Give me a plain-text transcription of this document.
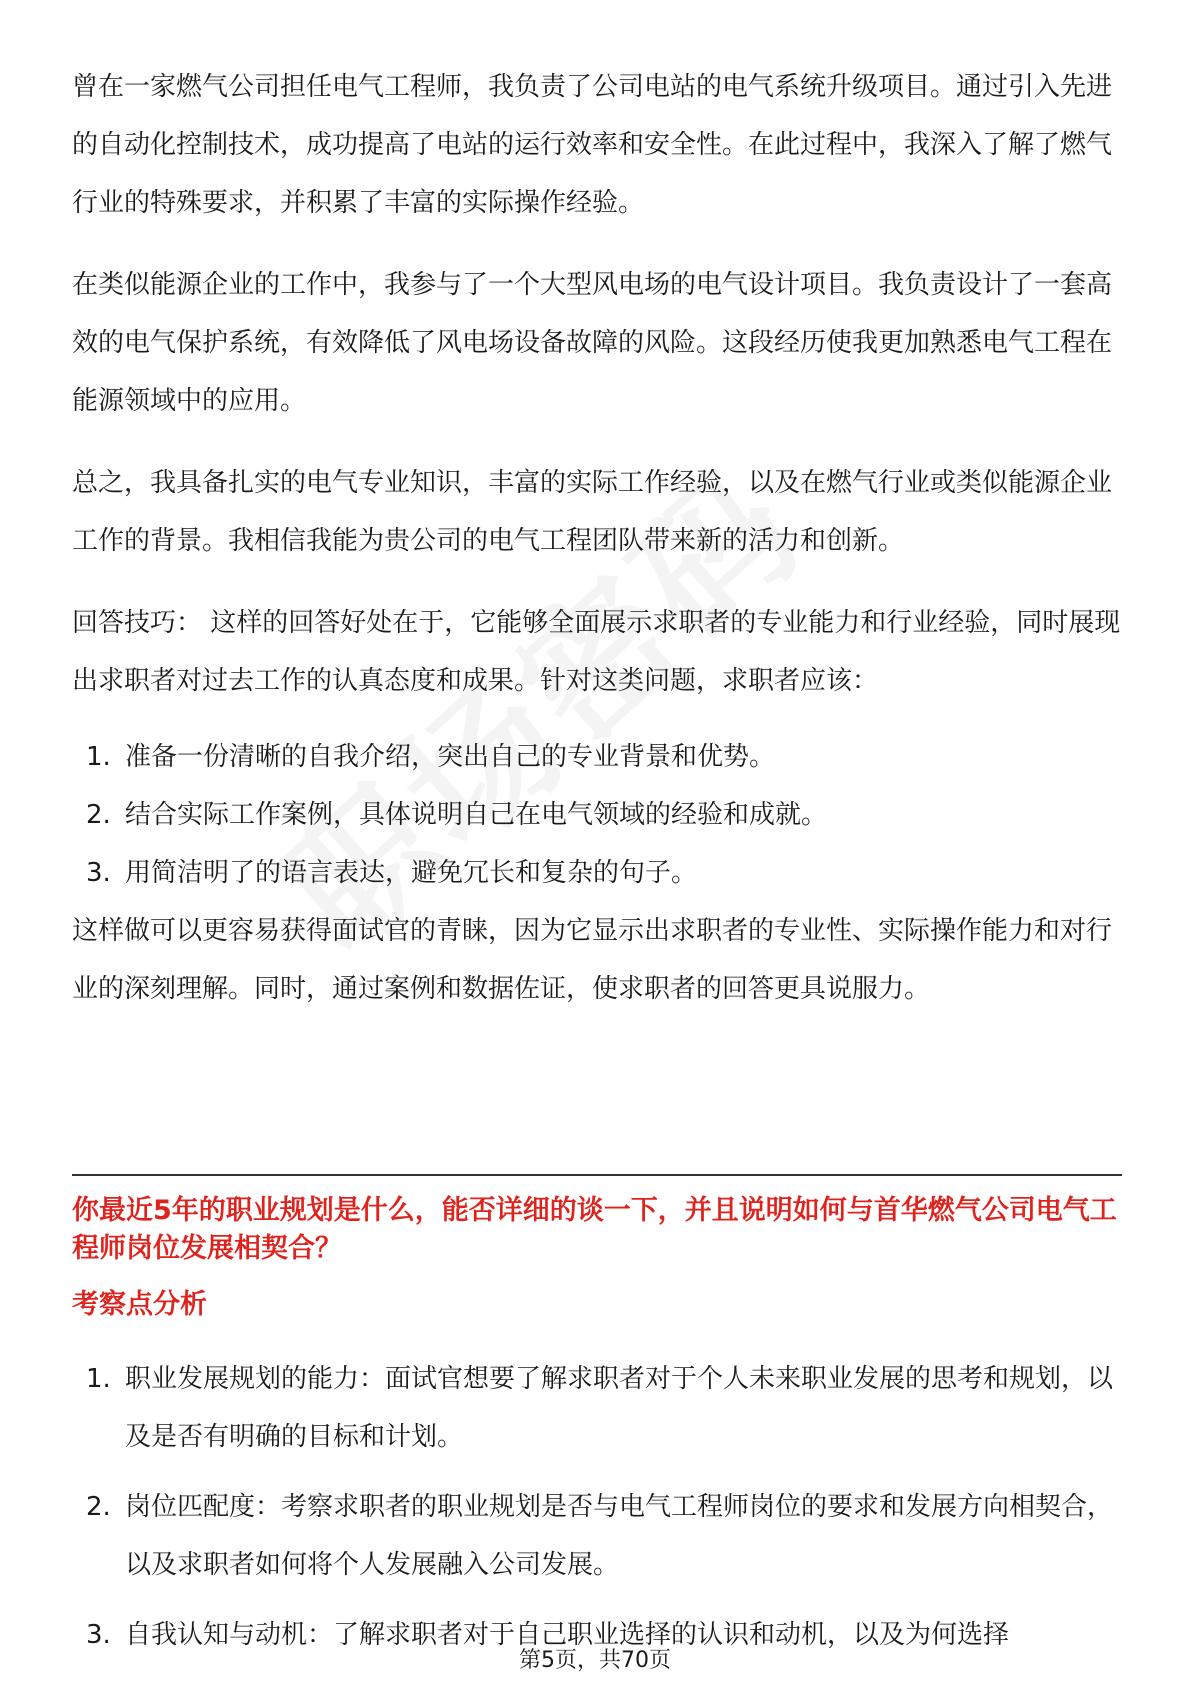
曾在一家燃气公司担任电气工程师，我负责了公司电站的电气系统升级项目。通过引入先进的自动化控制技术，成功提高了电站的运行效率和安全性。在此过程中，我深入了解了燃气行业的特殊要求，并积累了丰富的实际操作经验。

在类似能源企业的工作中，我参与了一个大型风电场的电气设计项目。我负责设计了一套高效的电气保护系统，有效降低了风电场设备故障的风险。这段经历使我更加熟悉电气工程在能源领域中的应用。

总之，我具备扎实的电气专业知识，丰富的实际工作经验，以及在燃气行业或类似能源企业工作的背景。我相信我能为贵公司的电气工程团队带来新的活力和创新。

回答技巧： 这样的回答好处在于，它能够全面展示求职者的专业能力和行业经验，同时展现出求职者对过去工作的认真态度和成果。针对这类问题，求职者应该：

1. 准备一份清晰的自我介绍，突出自己的专业背景和优势。
2. 结合实际工作案例，具体说明自己在电气领域的经验和成就。
3. 用简洁明了的语言表达，避免冗长和复杂的句子。

这样做可以更容易获得面试官的青睐，因为它显示出求职者的专业性、实际操作能力和对行业的深刻理解。同时，通过案例和数据佐证，使求职者的回答更具说服力。

你最近5年的职业规划是什么，能否详细的谈一下，并且说明如何与首华燃气公司电气工程师岗位发展相契合？
考察点分析
1. 职业发展规划的能力：面试官想要了解求职者对于个人未来职业发展的思考和规划，以及是否有明确的目标和计划。
2. 岗位匹配度：考察求职者的职业规划是否与电气工程师岗位的要求和发展方向相契合，以及求职者如何将个人发展融入公司发展。
3. 自我认知与动机：了解求职者对于自己职业选择的认识和动机，以及为何选择
第5页，共70页
